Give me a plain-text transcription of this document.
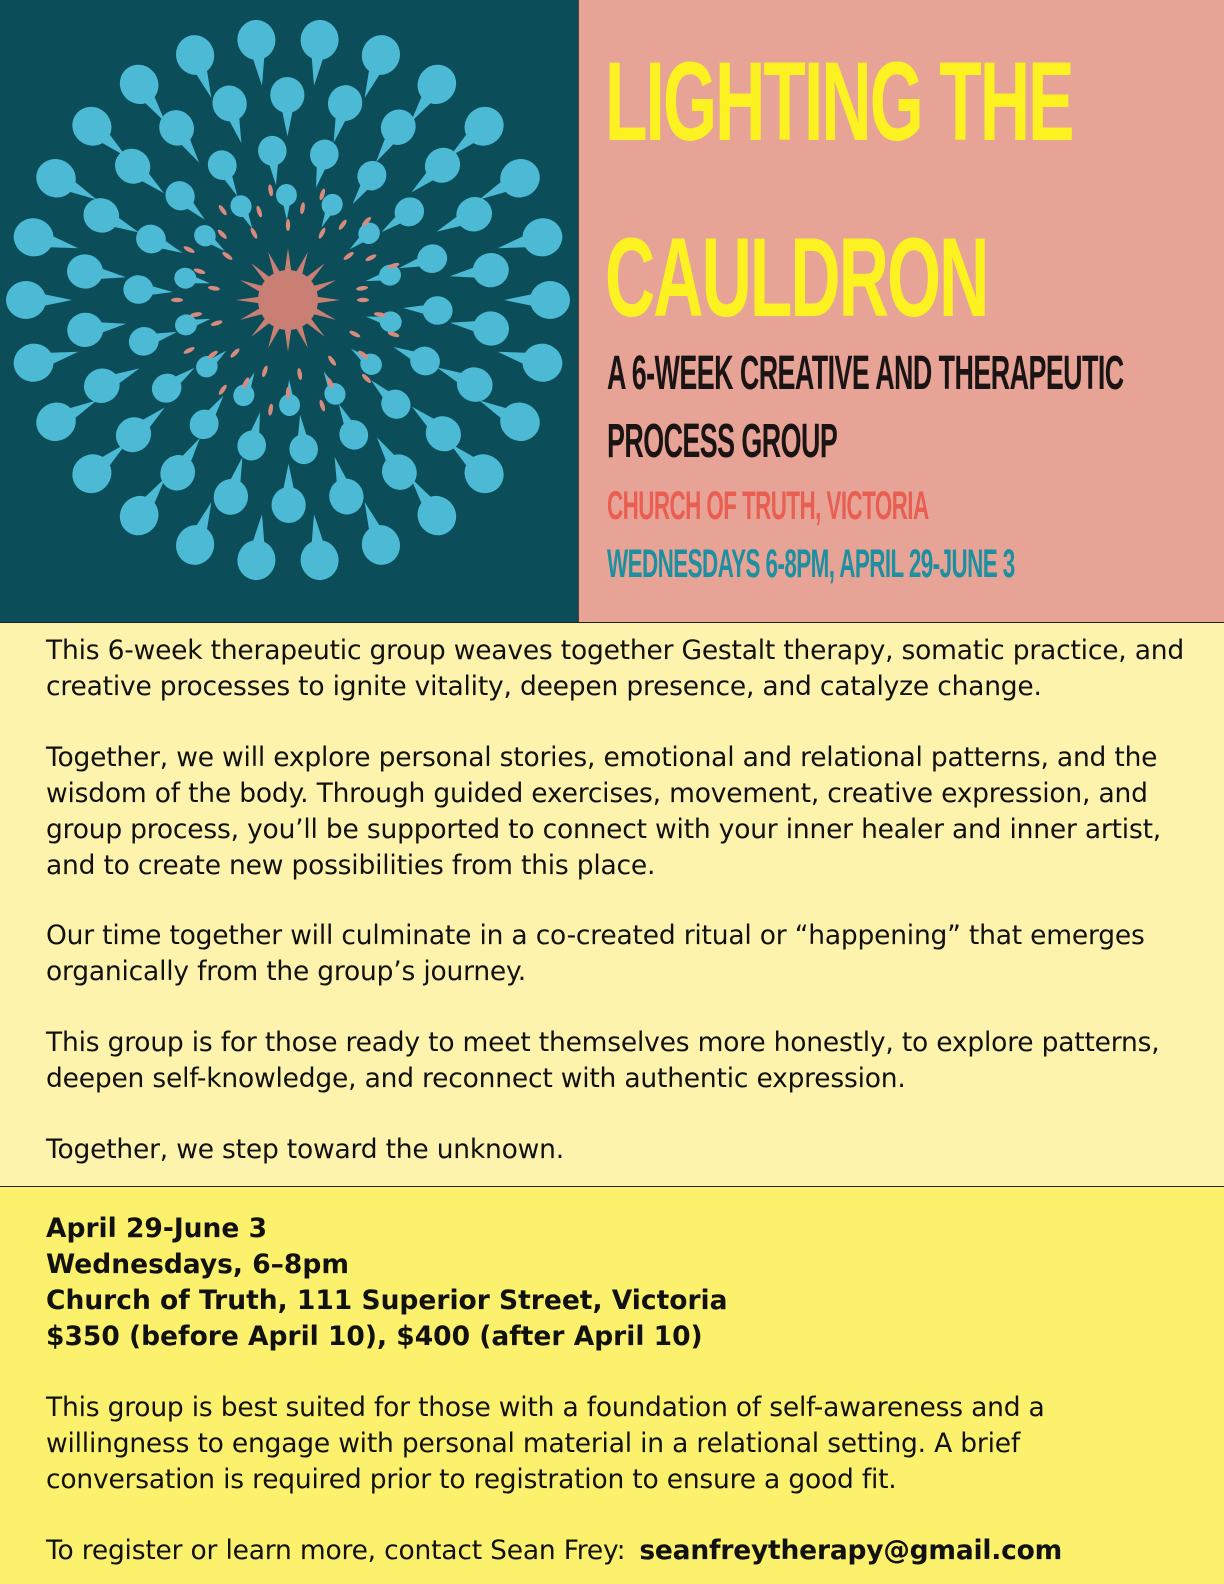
LIGHTING THE
CAULDRON
A 6-WEEK CREATIVE AND THERAPEUTIC
PROCESS GROUP
CHURCH OF TRUTH, VICTORIA
WEDNESDAYS 6-8PM, APRIL 29-JUNE 3

This 6-week therapeutic group weaves together Gestalt therapy, somatic practice, and creative processes to ignite vitality, deepen presence, and catalyze change.

Together, we will explore personal stories, emotional and relational patterns, and the wisdom of the body. Through guided exercises, movement, creative expression, and group process, you’ll be supported to connect with your inner healer and inner artist, and to create new possibilities from this place.

Our time together will culminate in a co-created ritual or “happening” that emerges organically from the group’s journey.

This group is for those ready to meet themselves more honestly, to explore patterns, deepen self-knowledge, and reconnect with authentic expression.

Together, we step toward the unknown.

April 29-June 3
Wednesdays, 6–8pm
Church of Truth, 111 Superior Street, Victoria
$350 (before April 10), $400 (after April 10)

This group is best suited for those with a foundation of self-awareness and a willingness to engage with personal material in a relational setting. A brief conversation is required prior to registration to ensure a good fit.

To register or learn more, contact Sean Frey: seanfreytherapy@gmail.com
